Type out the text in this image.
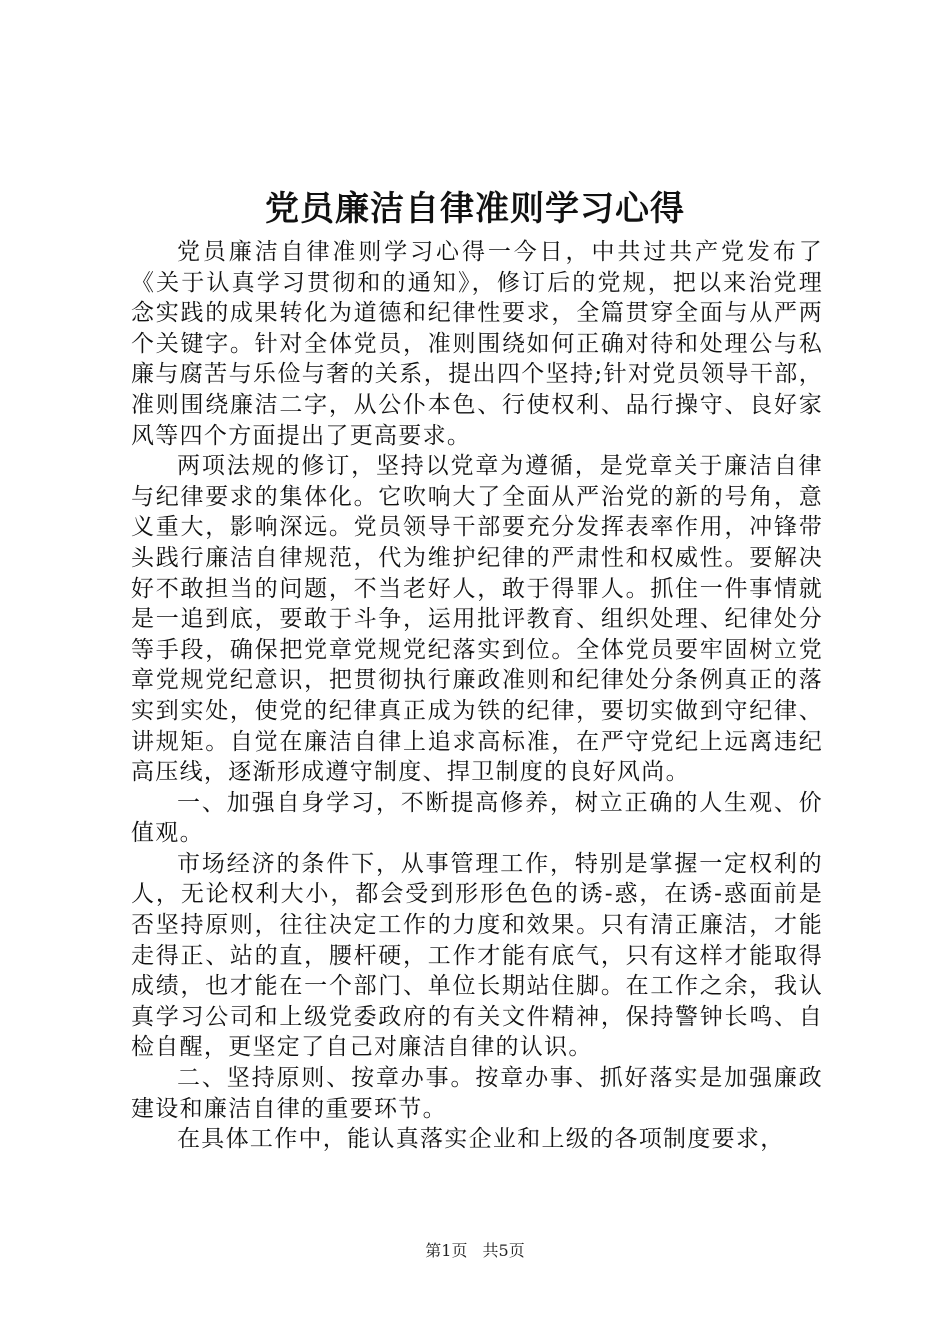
党员廉洁自律准则学习心得

党员廉洁自律准则学习心得一今日，中共过共产党发布了《关于认真学习贯彻和的通知》，修订后的党规，把以来治党理念实践的成果转化为道德和纪律性要求，全篇贯穿全面与从严两个关键字。针对全体党员，准则围绕如何正确对待和处理公与私廉与腐苦与乐俭与奢的关系，提出四个坚持;针对党员领导干部，准则围绕廉洁二字，从公仆本色、行使权利、品行操守、良好家风等四个方面提出了更高要求。

两项法规的修订，坚持以党章为遵循，是党章关于廉洁自律与纪律要求的集体化。它吹响大了全面从严治党的新的号角，意义重大，影响深远。党员领导干部要充分发挥表率作用，冲锋带头践行廉洁自律规范，代为维护纪律的严肃性和权威性。要解决好不敢担当的问题，不当老好人，敢于得罪人。抓住一件事情就是一追到底，要敢于斗争，运用批评教育、组织处理、纪律处分等手段，确保把党章党规党纪落实到位。全体党员要牢固树立党章党规党纪意识，把贯彻执行廉政准则和纪律处分条例真正的落实到实处，使党的纪律真正成为铁的纪律，要切实做到守纪律、讲规矩。自觉在廉洁自律上追求高标准，在严守党纪上远离违纪高压线，逐渐形成遵守制度、捍卫制度的良好风尚。

一、加强自身学习，不断提高修养，树立正确的人生观、价值观。

市场经济的条件下，从事管理工作，特别是掌握一定权利的人，无论权利大小，都会受到形形色色的诱-惑，在诱-惑面前是否坚持原则，往往决定工作的力度和效果。只有清正廉洁，才能走得正、站的直，腰杆硬，工作才能有底气，只有这样才能取得成绩，也才能在一个部门、单位长期站住脚。在工作之余，我认真学习公司和上级党委政府的有关文件精神，保持警钟长鸣、自检自醒，更坚定了自己对廉洁自律的认识。

二、坚持原则、按章办事。按章办事、抓好落实是加强廉政建设和廉洁自律的重要环节。

在具体工作中，能认真落实企业和上级的各项制度要求，

第1页 共5页
